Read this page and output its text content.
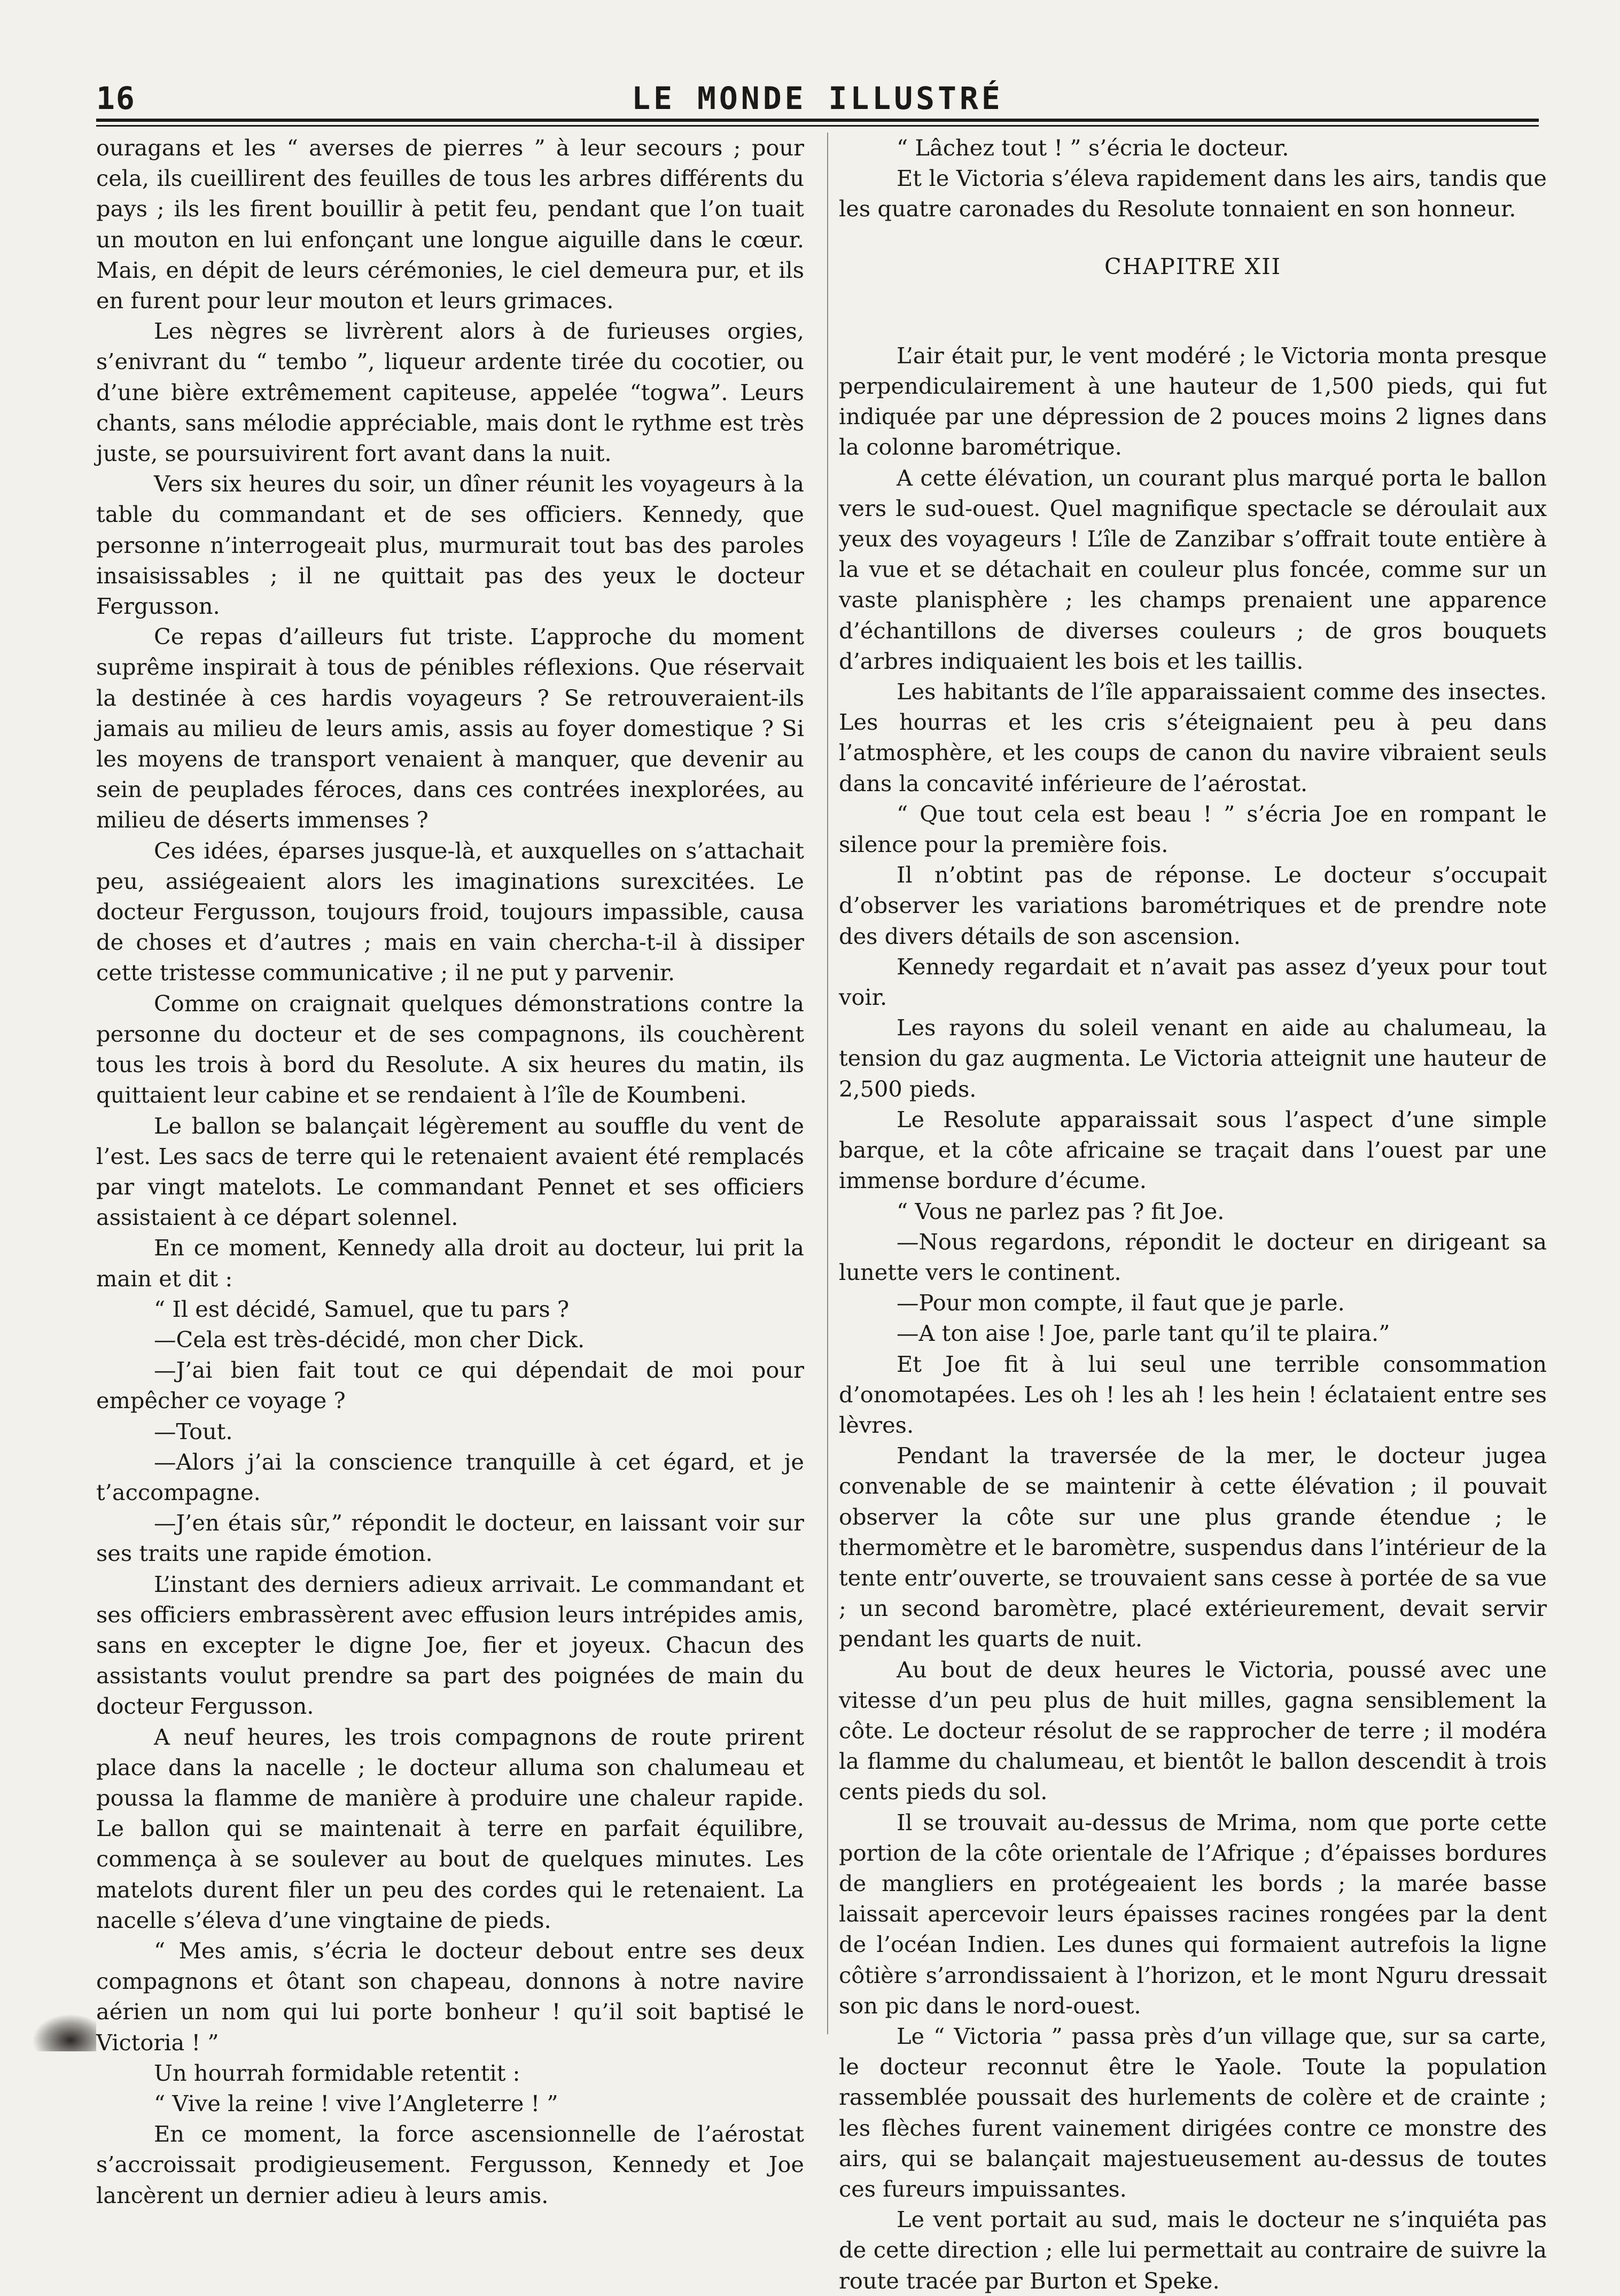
16	LE MONDE ILLUSTRÉ

ouragans et les “ averses de pierres ” à leur secours ; pour cela, ils cueillirent des feuilles de tous les arbres différents du pays ; ils les firent bouillir à petit feu, pendant que l’on tuait un mouton en lui enfonçant une longue aiguille dans le cœur. Mais, en dépit de leurs cérémonies, le ciel demeura pur, et ils en furent pour leur mouton et leurs grimaces.

Les nègres se livrèrent alors à de furieuses orgies, s’enivrant du “ tembo ”, liqueur ardente tirée du cocotier, ou d’une bière extrêmement capiteuse, appelée “togwa”. Leurs chants, sans mélodie appréciable, mais dont le rythme est très juste, se poursuivirent fort avant dans la nuit.

Vers six heures du soir, un dîner réunit les voyageurs à la table du commandant et de ses officiers. Kennedy, que personne n’interrogeait plus, murmurait tout bas des paroles insaisissables ; il ne quittait pas des yeux le docteur Fergusson.

Ce repas d’ailleurs fut triste. L’approche du moment suprême inspirait à tous de pénibles réflexions. Que réservait la destinée à ces hardis voyageurs ? Se retrouveraient-ils jamais au milieu de leurs amis, assis au foyer domestique ? Si les moyens de transport venaient à manquer, que devenir au sein de peuplades féroces, dans ces contrées inexplorées, au milieu de déserts immenses ?

Ces idées, éparses jusque-là, et auxquelles on s’attachait peu, assiégeaient alors les imaginations surexcitées. Le docteur Fergusson, toujours froid, toujours impassible, causa de choses et d’autres ; mais en vain chercha-t-il à dissiper cette tristesse communicative ; il ne put y parvenir.

Comme on craignait quelques démonstrations contre la personne du docteur et de ses compagnons, ils couchèrent tous les trois à bord du Resolute. A six heures du matin, ils quittaient leur cabine et se rendaient à l’île de Koumbeni.

Le ballon se balançait légèrement au souffle du vent de l’est. Les sacs de terre qui le retenaient avaient été remplacés par vingt matelots. Le commandant Pennet et ses officiers assistaient à ce départ solennel.

En ce moment, Kennedy alla droit au docteur, lui prit la main et dit :

“ Il est décidé, Samuel, que tu pars ?

—Cela est très-décidé, mon cher Dick.

—J’ai bien fait tout ce qui dépendait de moi pour empêcher ce voyage ?

—Tout.

—Alors j’ai la conscience tranquille à cet égard, et je t’accompagne.

—J’en étais sûr,” répondit le docteur, en laissant voir sur ses traits une rapide émotion.

L’instant des derniers adieux arrivait. Le commandant et ses officiers embrassèrent avec effusion leurs intrépides amis, sans en excepter le digne Joe, fier et joyeux. Chacun des assistants voulut prendre sa part des poignées de main du docteur Fergusson.

A neuf heures, les trois compagnons de route prirent place dans la nacelle ; le docteur alluma son chalumeau et poussa la flamme de manière à produire une chaleur rapide. Le ballon qui se maintenait à terre en parfait équilibre, commença à se soulever au bout de quelques minutes. Les matelots durent filer un peu des cordes qui le retenaient. La nacelle s’éleva d’une vingtaine de pieds.

“ Mes amis, s’écria le docteur debout entre ses deux compagnons et ôtant son chapeau, donnons à notre navire aérien un nom qui lui porte bonheur ! qu’il soit baptisé le Victoria ! ”

Un hourrah formidable retentit :

“ Vive la reine ! vive l’Angleterre ! ”

En ce moment, la force ascensionnelle de l’aérostat s’accroissait prodigieusement. Fergusson, Kennedy et Joe lancèrent un dernier adieu à leurs amis.

“ Lâchez tout ! ” s’écria le docteur.

Et le Victoria s’éleva rapidement dans les airs, tandis que les quatre caronades du Resolute tonnaient en son honneur.

CHAPITRE XII

L’air était pur, le vent modéré ; le Victoria monta presque perpendiculairement à une hauteur de 1,500 pieds, qui fut indiquée par une dépression de 2 pouces moins 2 lignes dans la colonne barométrique.

A cette élévation, un courant plus marqué porta le ballon vers le sud-ouest. Quel magnifique spectacle se déroulait aux yeux des voyageurs ! L’île de Zanzibar s’offrait toute entière à la vue et se détachait en couleur plus foncée, comme sur un vaste planisphère ; les champs prenaient une apparence d’échantillons de diverses couleurs ; de gros bouquets d’arbres indiquaient les bois et les taillis.

Les habitants de l’île apparaissaient comme des insectes. Les hourras et les cris s’éteignaient peu à peu dans l’atmosphère, et les coups de canon du navire vibraient seuls dans la concavité inférieure de l’aérostat.

“ Que tout cela est beau ! ” s’écria Joe en rompant le silence pour la première fois.

Il n’obtint pas de réponse. Le docteur s’occupait d’observer les variations barométriques et de prendre note des divers détails de son ascension.

Kennedy regardait et n’avait pas assez d’yeux pour tout voir.

Les rayons du soleil venant en aide au chalumeau, la tension du gaz augmenta. Le Victoria atteignit une hauteur de 2,500 pieds.

Le Resolute apparaissait sous l’aspect d’une simple barque, et la côte africaine se traçait dans l’ouest par une immense bordure d’écume.

“ Vous ne parlez pas ? fit Joe.

—Nous regardons, répondit le docteur en dirigeant sa lunette vers le continent.

—Pour mon compte, il faut que je parle.

—A ton aise ! Joe, parle tant qu’il te plaira.”

Et Joe fit à lui seul une terrible consommation d’onomotapées. Les oh ! les ah ! les hein ! éclataient entre ses lèvres.

Pendant la traversée de la mer, le docteur jugea convenable de se maintenir à cette élévation ; il pouvait observer la côte sur une plus grande étendue ; le thermomètre et le baromètre, suspendus dans l’intérieur de la tente entr’ouverte, se trouvaient sans cesse à portée de sa vue ; un second baromètre, placé extérieurement, devait servir pendant les quarts de nuit.

Au bout de deux heures le Victoria, poussé avec une vitesse d’un peu plus de huit milles, gagna sensiblement la côte. Le docteur résolut de se rapprocher de terre ; il modéra la flamme du chalumeau, et bientôt le ballon descendit à trois cents pieds du sol.

Il se trouvait au-dessus de Mrima, nom que porte cette portion de la côte orientale de l’Afrique ; d’épaisses bordures de mangliers en protégeaient les bords ; la marée basse laissait apercevoir leurs épaisses racines rongées par la dent de l’océan Indien. Les dunes qui formaient autrefois la ligne côtière s’arrondissaient à l’horizon, et le mont Nguru dressait son pic dans le nord-ouest.

Le “ Victoria ” passa près d’un village que, sur sa carte, le docteur reconnut être le Yaole. Toute la population rassemblée poussait des hurlements de colère et de crainte ; les flèches furent vainement dirigées contre ce monstre des airs, qui se balançait majestueusement au-dessus de toutes ces fureurs impuissantes.

Le vent portait au sud, mais le docteur ne s’inquiéta pas de cette direction ; elle lui permettait au contraire de suivre la route tracée par Burton et Speke.
